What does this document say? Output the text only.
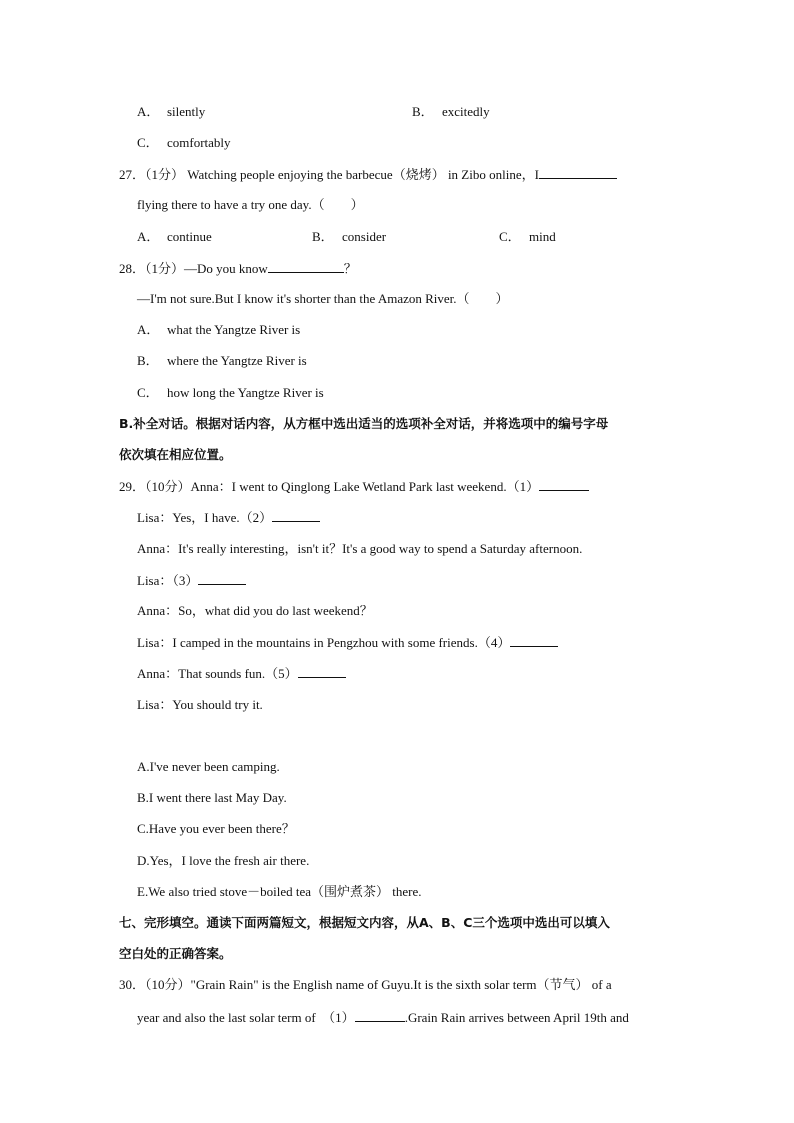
A． silently	B． excitedly
C． comfortably
27．（1分） Watching people enjoying the barbecue（烧烤） in Zibo online，I
flying there to have a try one day.（　　）
A． continue	B． consider	C． mind
28．（1分）—Do you know	？
—I'm not sure.But I know it's shorter than the Amazon River.（　　）
A． what the Yangtze River is
B． where the Yangtze River is
C． how long the Yangtze River is
B.补全对话。根据对话内容，从方框中选出适当的选项补全对话，并将选项中的编号字母
依次填在相应位置。
29．（10分）Anna：I went to Qinglong Lake Wetland Park last weekend.（1）
Lisa：Yes，I have.（2）
Anna：It's really interesting，isn't it？It's a good way to spend a Saturday afternoon.
Lisa：（3）
Anna：So，what did you do last weekend？
Lisa：I camped in the mountains in Pengzhou with some friends.（4）
Anna：That sounds fun.（5）
Lisa：You should try it.
A.I've never been camping.
B.I went there last May Day.
C.Have you ever been there？
D.Yes，I love the fresh air there.
E.We also tried stove－boiled tea（围炉煮茶） there.
七、完形填空。通读下面两篇短文，根据短文内容，从A、B、C三个选项中选出可以填入
空白处的正确答案。
30．（10分）"Grain Rain" is the English name of Guyu.It is the sixth solar term（节气） of a
year and also the last solar term of　（1）	.Grain Rain arrives between April 19th and
